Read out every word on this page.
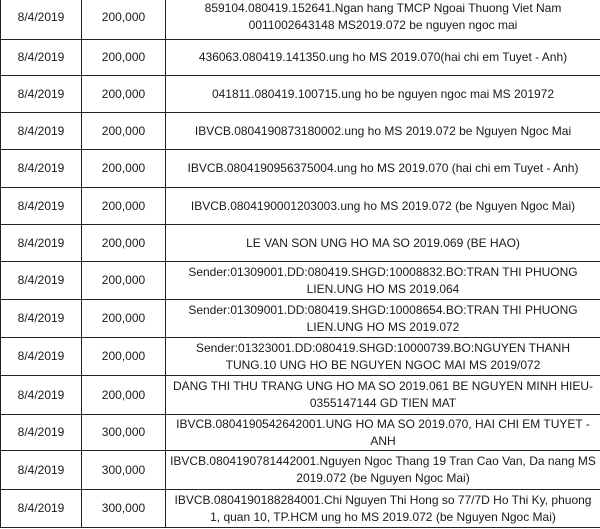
8/4/2019	200,000	859104.080419.152641.Ngan hang TMCP Ngoai Thuong Viet Nam 0011002643148 MS2019.072 be nguyen ngoc mai
8/4/2019	200,000	436063.080419.141350.ung ho MS 2019.070(hai chi em Tuyet - Anh)
8/4/2019	200,000	041811.080419.100715.ung ho be nguyen ngoc mai MS 201972
8/4/2019	200,000	IBVCB.0804190873180002.ung ho MS 2019.072 be Nguyen Ngoc Mai
8/4/2019	200,000	IBVCB.0804190956375004.ung ho MS 2019.070 (hai chi em Tuyet - Anh)
8/4/2019	200,000	IBVCB.0804190001203003.ung ho MS 2019.072 (be Nguyen Ngoc Mai)
8/4/2019	200,000	LE VAN SON UNG HO MA SO 2019.069 (BE HAO)
8/4/2019	200,000	Sender:01309001.DD:080419.SHGD:10008832.BO:TRAN THI PHUONG LIEN.UNG HO MS 2019.064
8/4/2019	200,000	Sender:01309001.DD:080419.SHGD:10008654.BO:TRAN THI PHUONG LIEN.UNG HO MS 2019.072
8/4/2019	200,000	Sender:01323001.DD:080419.SHGD:10000739.BO:NGUYEN THANH TUNG.10 UNG HO BE NGUYEN NGOC MAI MS 2019/072
8/4/2019	200,000	DANG THI THU TRANG UNG HO MA SO 2019.061 BE NGUYEN MINH HIEU-0355147144 GD TIEN MAT
8/4/2019	300,000	IBVCB.0804190542642001.UNG HO MA SO 2019.070, HAI CHI EM TUYET - ANH
8/4/2019	300,000	IBVCB.0804190781442001.Nguyen Ngoc Thang 19 Tran Cao Van, Da nang MS 2019.072 (be Nguyen Ngoc Mai)
8/4/2019	300,000	IBVCB.0804190188284001.Chi Nguyen Thi Hong so 77/7D Ho Thi Ky, phuong 1, quan 10, TP.HCM ung ho MS 2019.072 (be Nguyen Ngoc Mai)
